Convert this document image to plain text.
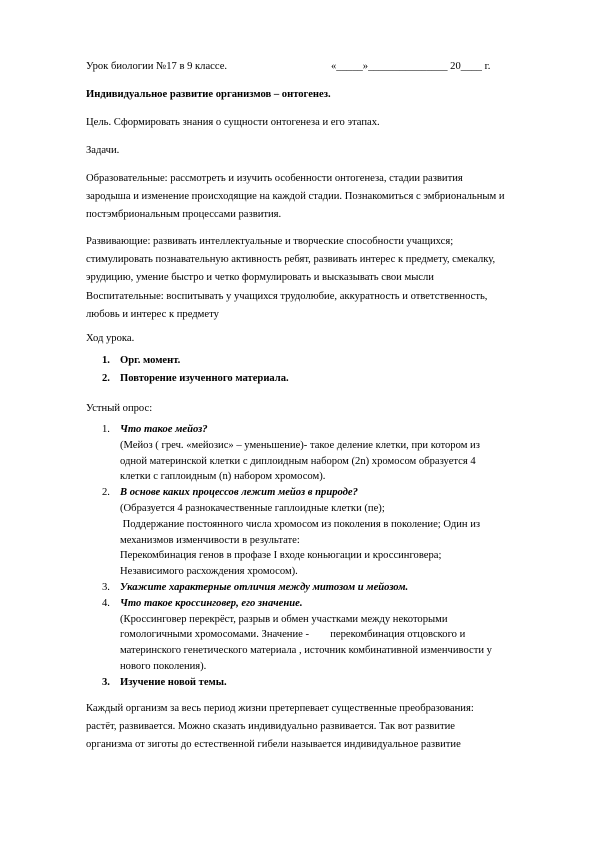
Урок биологии №17 в 9 классе.	«_____»_______________ 20____ г.
Индивидуальное развитие организмов – онтогенез.
Цель. Сформировать знания о сущности онтогенеза и его этапах.
Задачи.
Образовательные: рассмотреть и изучить особенности онтогенеза, стадии развития
зародыша и изменение происходящие на каждой стадии. Познакомиться с эмбриональным и
постэмбриональным процессами развития.
Развивающие: развивать интеллектуальные и творческие способности учащихся;
стимулировать познавательную активность ребят, развивать интерес к предмету, смекалку,
эрудицию, умение быстро и четко формулировать и высказывать свои мысли
Воспитательные: воспитывать у учащихся трудолюбие, аккуратность и ответственность,
любовь и интерес к предмету
Ход урока.
1. Орг. момент.
2. Повторение изученного материала.
Устный опрос:
1. Что такое мейоз?
(Мейоз ( греч. «мейозис» – уменьшение)- такое деление клетки, при котором из
одной материнской клетки с диплоидным набором (2n) хромосом образуется 4
клетки с гаплоидным (n) набором хромосом).
2. В основе каких процессов лежит мейоз в природе?
(Образуется 4 разнокачественные гаплоидные клетки (пе);
Поддержание постоянного числа хромосом из поколения в поколение; Один из
механизмов изменчивости в результате:
Перекомбинация генов в профазе I входе коньюгации и кроссинговера;
Независимого расхождения хромосом).
3. Укажите характерные отличия между митозом и мейозом.
4. Что такое кроссинговер, его значение.
(Кроссинговер перекрёст, разрыв и обмен участками между некоторыми
гомологичными хромосомами. Значение -        перекомбинация отцовского и
материнского генетического материала , источник комбинативной изменчивости у
нового поколения).
3. Изучение новой темы.
Каждый организм за весь период жизни претерпевает существенные преобразования:
растёт, развивается. Можно сказать индивидуально развивается. Так вот развитие
организма от зиготы до естественной гибели называется индивидуальное развитие
